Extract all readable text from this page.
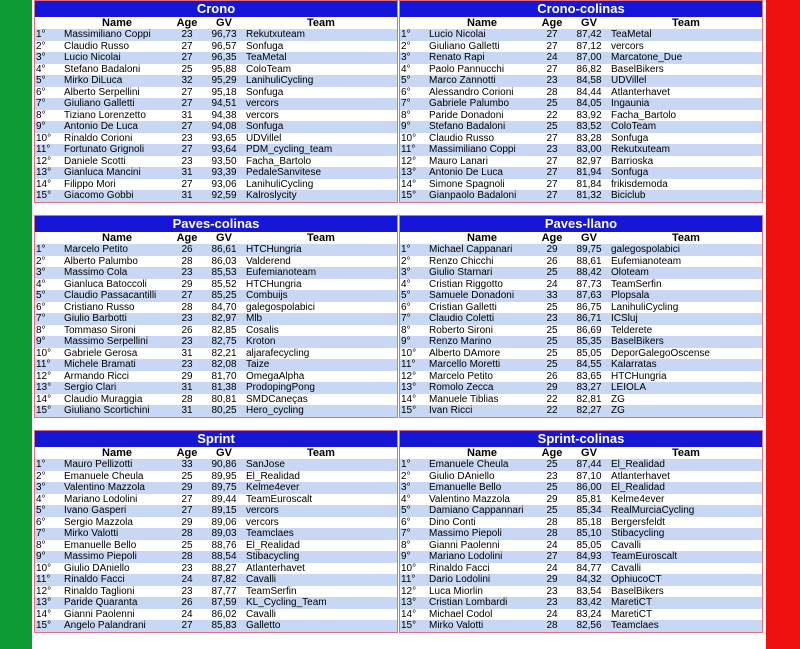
Crono
	Name	Age	GV	Team
1°	Massimiliano Coppi	23	96,73	Rekutxuteam
2°	Claudio Russo	27	96,57	Sonfuga
3°	Lucio Nicolai	27	96,35	TeaMetal
4°	Stefano Badaloni	25	95,88	ColoTeam
5°	Mirko DiLuca	32	95,29	LanihuliCycling
6°	Alberto Serpellini	27	95,18	Sonfuga
7°	Giuliano Galletti	27	94,51	vercors
8°	Tiziano Lorenzetto	31	94,38	vercors
9°	Antonio De Luca	27	94,08	Sonfuga
10°	Rinaldo Corioni	23	93,65	UDVillel
11°	Fortunato Grignoli	27	93,64	PDM_cycling_team
12°	Daniele Scotti	23	93,50	Facha_Bartolo
13°	Gianluca Mancini	31	93,39	PedaleSanvitese
14°	Filippo Mori	27	93,06	LanihuliCycling
15°	Giacomo Gobbi	31	92,59	Kalroslycity
Crono-colinas
	Name	Age	GV	Team
1°	Lucio Nicolai	27	87,42	TeaMetal
2°	Giuliano Galletti	27	87,12	vercors
3°	Renato Rapi	24	87,00	Marcatone_Due
4°	Paolo Pannucchi	27	86,82	BaselBikers
5°	Marco Zannotti	23	84,58	UDVillel
6°	Alessandro Corioni	28	84,44	Atlanterhavet
7°	Gabriele Palumbo	25	84,05	Ingaunia
8°	Paride Donadoni	22	83,92	Facha_Bartolo
9°	Stefano Badaloni	25	83,52	ColoTeam
10°	Claudio Russo	27	83,28	Sonfuga
11°	Massimiliano Coppi	23	83,00	Rekutxuteam
12°	Mauro Lanari	27	82,97	Barrioska
13°	Antonio De Luca	27	81,94	Sonfuga
14°	Simone Spagnoli	27	81,84	frikisdemoda
15°	Gianpaolo Badaloni	27	81,32	Biciclub
Paves-colinas
	Name	Age	GV	Team
1°	Marcelo Petito	26	86,61	HTCHungria
2°	Alberto Palumbo	28	86,03	Valderend
3°	Massimo Cola	23	85,53	Eufemianoteam
4°	Gianluca Batoccoli	29	85,52	HTCHungria
5°	Claudio Passacantilli	27	85,25	Combuijs
6°	Cristiano Russo	28	84,70	galegospolabici
7°	Giulio Barbotti	23	82,97	Mlb
8°	Tommaso Sironi	26	82,85	Cosalis
9°	Massimo Serpellini	23	82,75	Kroton
10°	Gabriele Gerosa	31	82,21	aljarafecycling
11°	Michele Bramati	23	82,08	Taize
12°	Armando Ricci	29	81,70	OmegaAlpha
13°	Sergio Clari	31	81,38	ProdopingPong
14°	Claudio Muraggia	28	80,81	SMDCaneças
15°	Giuliano Scortichini	31	80,25	Hero_cycling
Paves-llano
	Name	Age	GV	Team
1°	Michael Cappanari	29	89,75	galegospolabici
2°	Renzo Chicchi	26	88,61	Eufemianoteam
3°	Giulio Starnari	25	88,42	Oloteam
4°	Cristian Riggotto	24	87,73	TeamSerfin
5°	Samuele Donadoni	33	87,63	Plopsala
6°	Cristian Galletti	25	86,75	LanihuliCycling
7°	Claudio Coletti	23	86,71	ICSluj
8°	Roberto Sironi	25	86,69	Telderete
9°	Renzo Marino	25	85,35	BaselBikers
10°	Alberto DAmore	25	85,05	DeporGalegoOscense
11°	Marcello Moretti	25	84,55	Kalarratas
12°	Marcelo Petito	26	83,65	HTCHungria
13°	Romolo Zecca	29	83,27	LEIOLA
14°	Manuele Tiblias	22	82,81	ZG
15°	Ivan Ricci	22	82,27	ZG
Sprint
	Name	Age	GV	Team
1°	Mauro Pellizotti	33	90,86	SanJose
2°	Emanuele Cheula	25	89,95	El_Realidad
3°	Valentino Mazzola	29	89,75	Kelme4ever
4°	Mariano Lodolini	27	89,44	TeamEuroscalt
5°	Ivano Gasperi	27	89,15	vercors
6°	Sergio Mazzola	29	89,06	vercors
7°	Mirko Valotti	28	89,03	Teamclaes
8°	Emanuelle Bello	25	88,76	El_Realidad
9°	Massimo Piepoli	28	88,54	Stibacycling
10°	Giulio DAniello	23	88,27	Atlanterhavet
11°	Rinaldo Facci	24	87,82	Cavalli
12°	Rinaldo Taglioni	23	87,77	TeamSerfin
13°	Paride Quaranta	26	87,59	KL_Cycling_Team
14°	Gianni Paolenni	24	86,02	Cavalli
15°	Angelo Palandrani	27	85,83	Galletto
Sprint-colinas
	Name	Age	GV	Team
1°	Emanuele Cheula	25	87,44	El_Realidad
2°	Giulio DAniello	23	87,10	Atlanterhavet
3°	Emanuelle Bello	25	86,00	El_Realidad
4°	Valentino Mazzola	29	85,81	Kelme4ever
5°	Damiano Cappannari	25	85,34	RealMurciaCycling
6°	Dino Conti	28	85,18	Bergersfeldt
7°	Massimo Piepoli	28	85,10	Stibacycling
8°	Gianni Paolenni	24	85,05	Cavalli
9°	Mariano Lodolini	27	84,93	TeamEuroscalt
10°	Rinaldo Facci	24	84,77	Cavalli
11°	Dario Lodolini	29	84,32	OphiucoCT
12°	Luca Miorlin	23	83,54	BaselBikers
13°	Cristian Lombardi	23	83,42	MaretiCT
14°	Michael Codol	24	83,24	MaretiCT
15°	Mirko Valotti	28	82,56	Teamclaes
